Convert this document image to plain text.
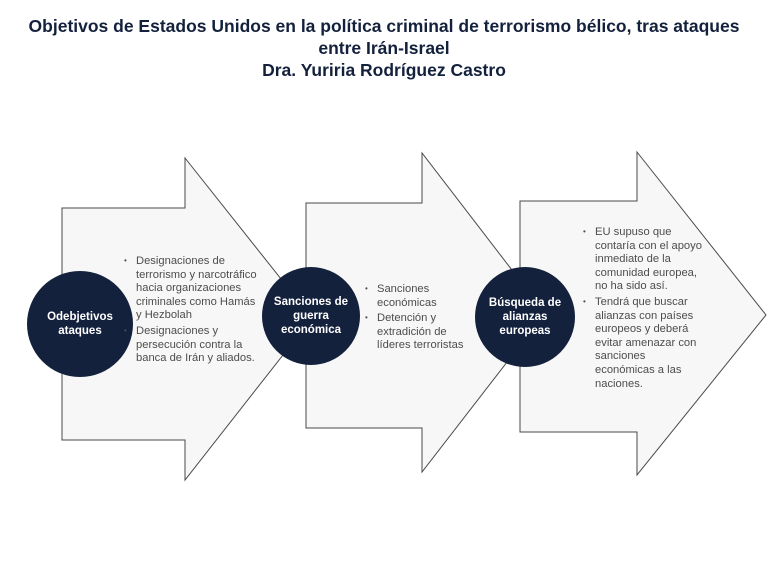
Objetivos de Estados Unidos en la política criminal de terrorismo bélico, tras ataques
entre Irán-Israel
Dra. Yuriria Rodríguez Castro
Odebjetivos ataques
• Designaciones de terrorismo y narcotráfico hacia organizaciones criminales como Hamás y Hezbolah
• Designaciones y persecución contra la banca de Irán y aliados.
Sanciones de guerra económica
• Sanciones económicas
• Detención y extradición de líderes terroristas
Búsqueda de alianzas europeas
• EU supuso que contaría con el apoyo inmediato de la comunidad europea, no ha sido así.
• Tendrá que buscar alianzas con países europeos y deberá evitar amenazar con sanciones económicas a las naciones.
